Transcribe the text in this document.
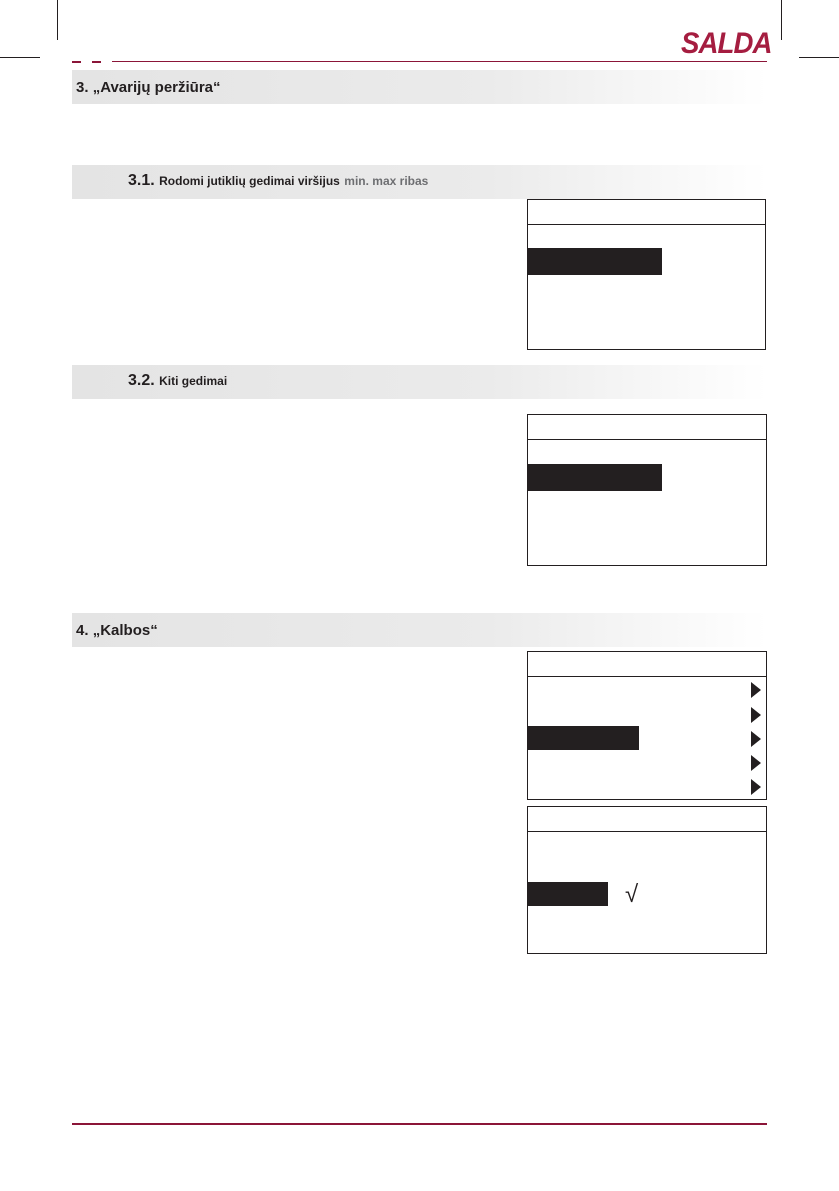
SALDA
3. „Avarijų peržiūra“
3.1. Rodomi jutiklių gedimai viršijus min. max ribas
3.2. Kiti gedimai
4. „Kalbos“
√
